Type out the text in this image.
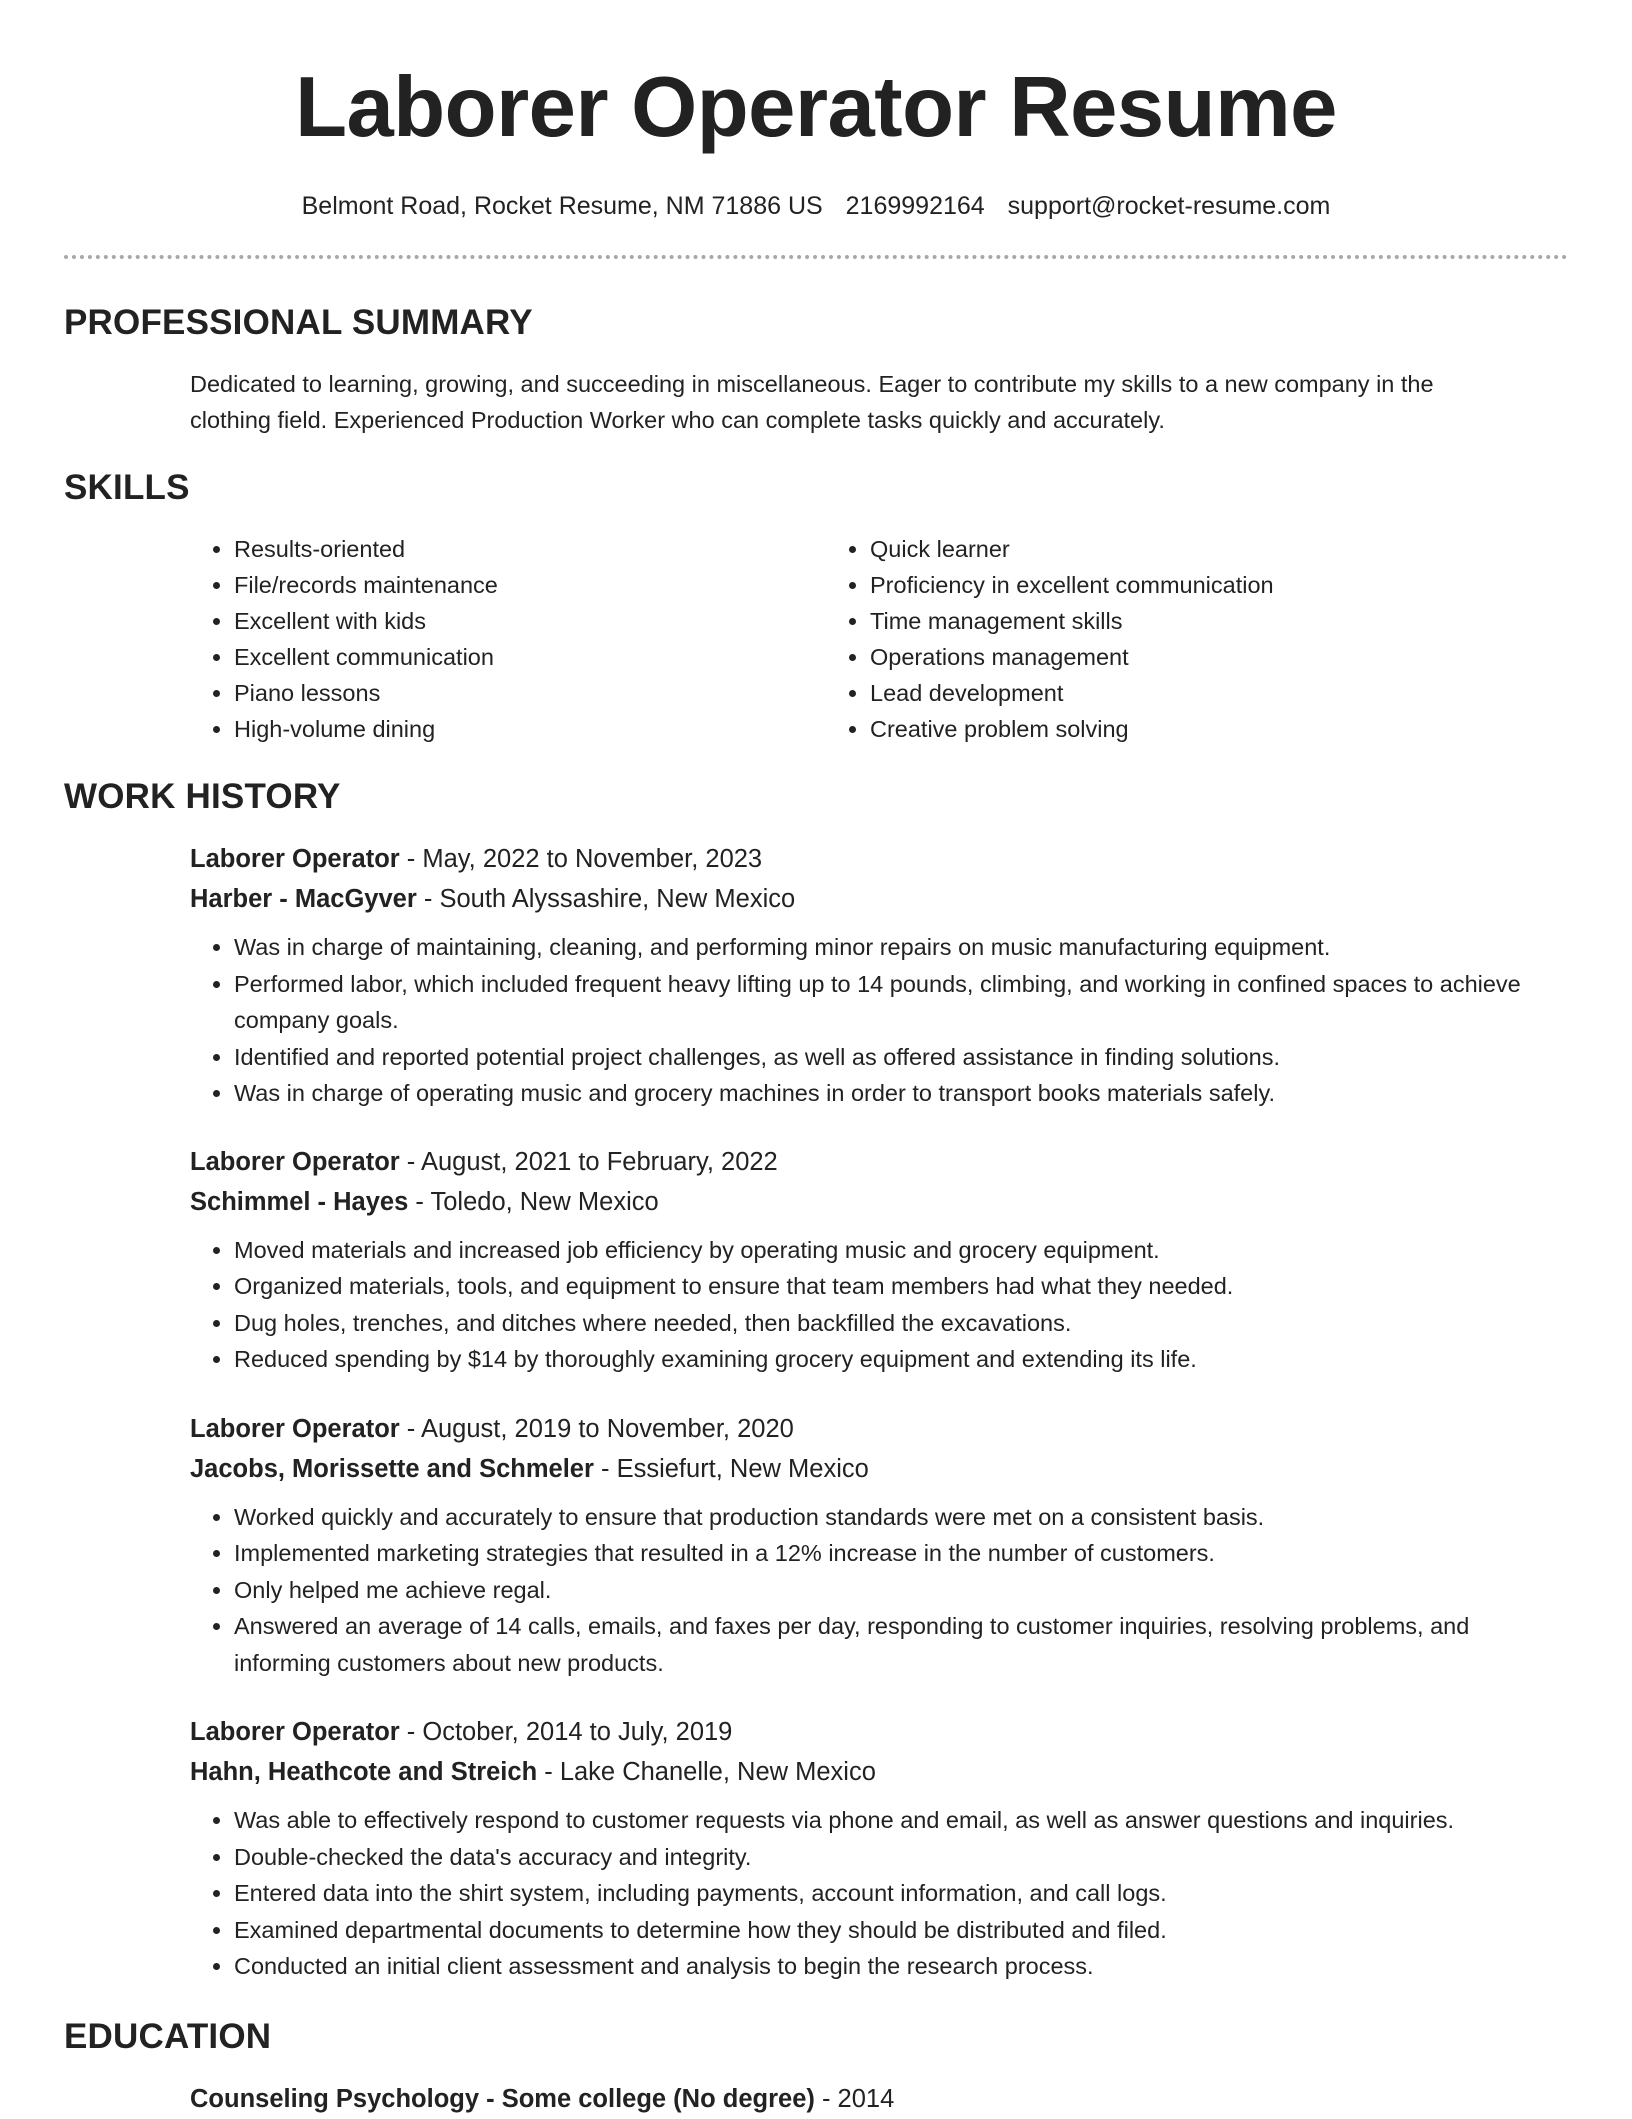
Laborer Operator Resume
Belmont Road, Rocket Resume, NM 71886 US 2169992164 support@rocket-resume.com
PROFESSIONAL SUMMARY
Dedicated to learning, growing, and succeeding in miscellaneous. Eager to contribute my skills to a new company in the clothing field. Experienced Production Worker who can complete tasks quickly and accurately.
SKILLS
• Results-oriented
• File/records maintenance
• Excellent with kids
• Excellent communication
• Piano lessons
• High-volume dining
• Quick learner
• Proficiency in excellent communication
• Time management skills
• Operations management
• Lead development
• Creative problem solving
WORK HISTORY
Laborer Operator - May, 2022 to November, 2023
Harber - MacGyver - South Alyssashire, New Mexico
• Was in charge of maintaining, cleaning, and performing minor repairs on music manufacturing equipment.
• Performed labor, which included frequent heavy lifting up to 14 pounds, climbing, and working in confined spaces to achieve company goals.
• Identified and reported potential project challenges, as well as offered assistance in finding solutions.
• Was in charge of operating music and grocery machines in order to transport books materials safely.
Laborer Operator - August, 2021 to February, 2022
Schimmel - Hayes - Toledo, New Mexico
• Moved materials and increased job efficiency by operating music and grocery equipment.
• Organized materials, tools, and equipment to ensure that team members had what they needed.
• Dug holes, trenches, and ditches where needed, then backfilled the excavations.
• Reduced spending by $14 by thoroughly examining grocery equipment and extending its life.
Laborer Operator - August, 2019 to November, 2020
Jacobs, Morissette and Schmeler - Essiefurt, New Mexico
• Worked quickly and accurately to ensure that production standards were met on a consistent basis.
• Implemented marketing strategies that resulted in a 12% increase in the number of customers.
• Only helped me achieve regal.
• Answered an average of 14 calls, emails, and faxes per day, responding to customer inquiries, resolving problems, and informing customers about new products.
Laborer Operator - October, 2014 to July, 2019
Hahn, Heathcote and Streich - Lake Chanelle, New Mexico
• Was able to effectively respond to customer requests via phone and email, as well as answer questions and inquiries.
• Double-checked the data's accuracy and integrity.
• Entered data into the shirt system, including payments, account information, and call logs.
• Examined departmental documents to determine how they should be distributed and filed.
• Conducted an initial client assessment and analysis to begin the research process.
EDUCATION
Counseling Psychology - Some college (No degree) - 2014
